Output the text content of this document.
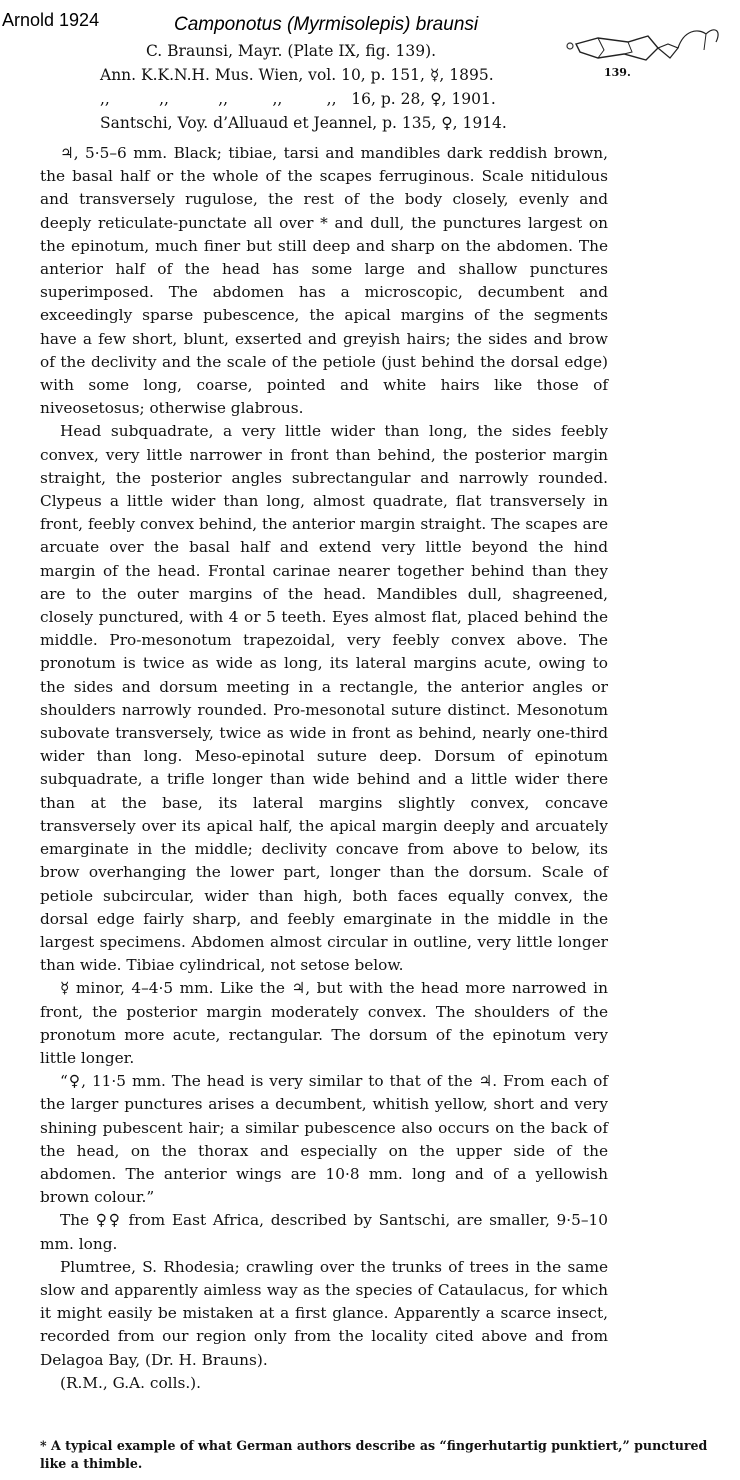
Arnold 1924	Camponotus (Myrmisolepis) braunsi
C. Braunsi, Mayr. (Plate IX, fig. 139).
Ann. K.K.N.H. Mus. Wien, vol. 10, p. 151, ☿, 1895.
,,          ,,          ,,         ,,         ,,   16, p. 28, ♀, 1901.
Santschi, Voy. d’Alluaud et Jeannel, p. 135, ♀, 1914.
139.

♃, 5·5–6 mm. Black; tibiae, tarsi and mandibles dark reddish brown, the basal half or the whole of the scapes ferruginous. Scale nitidulous and transversely rugulose, the rest of the body closely, evenly and deeply reticulate-punctate all over * and dull, the punctures largest on the epinotum, much finer but still deep and sharp on the abdomen. The anterior half of the head has some large and shallow punctures superimposed. The abdomen has a microscopic, decumbent and exceedingly sparse pubescence, the apical margins of the segments have a few short, blunt, exserted and greyish hairs; the sides and brow of the declivity and the scale of the petiole (just behind the dorsal edge) with some long, coarse, pointed and white hairs like those of niveosetosus; otherwise glabrous.

Head subquadrate, a very little wider than long, the sides feebly convex, very little narrower in front than behind, the posterior margin straight, the posterior angles subrectangular and narrowly rounded. Clypeus a little wider than long, almost quadrate, flat transversely in front, feebly convex behind, the anterior margin straight. The scapes are arcuate over the basal half and extend very little beyond the hind margin of the head. Frontal carinae nearer together behind than they are to the outer margins of the head. Mandibles dull, shagreened, closely punctured, with 4 or 5 teeth. Eyes almost flat, placed behind the middle. Pro-mesonotum trapezoidal, very feebly convex above. The pronotum is twice as wide as long, its lateral margins acute, owing to the sides and dorsum meeting in a rectangle, the anterior angles or shoulders narrowly rounded. Pro-mesonotal suture distinct. Mesonotum subovate transversely, twice as wide in front as behind, nearly one-third wider than long. Meso-epinotal suture deep. Dorsum of epinotum subquadrate, a trifle longer than wide behind and a little wider there than at the base, its lateral margins slightly convex, concave transversely over its apical half, the apical margin deeply and arcuately emarginate in the middle; declivity concave from above to below, its brow overhanging the lower part, longer than the dorsum. Scale of petiole subcircular, wider than high, both faces equally convex, the dorsal edge fairly sharp, and feebly emarginate in the middle in the largest specimens. Abdomen almost circular in outline, very little longer than wide. Tibiae cylindrical, not setose below.

☿ minor, 4–4·5 mm. Like the ♃, but with the head more narrowed in front, the posterior margin moderately convex. The shoulders of the pronotum more acute, rectangular. The dorsum of the epinotum very little longer.

“♀, 11·5 mm. The head is very similar to that of the ♃. From each of the larger punctures arises a decumbent, whitish yellow, short and very shining pubescent hair; a similar pubescence also occurs on the back of the head, on the thorax and especially on the upper side of the abdomen. The anterior wings are 10·8 mm. long and of a yellowish brown colour.”

The ♀♀ from East Africa, described by Santschi, are smaller, 9·5–10 mm. long.

Plumtree, S. Rhodesia; crawling over the trunks of trees in the same slow and apparently aimless way as the species of Cataulacus, for which it might easily be mistaken at a first glance. Apparently a scarce insect, recorded from our region only from the locality cited above and from Delagoa Bay, (Dr. H. Brauns).

(R.M., G.A. colls.).

* A typical example of what German authors describe as “fingerhutartig punktiert,” punctured like a thimble.
